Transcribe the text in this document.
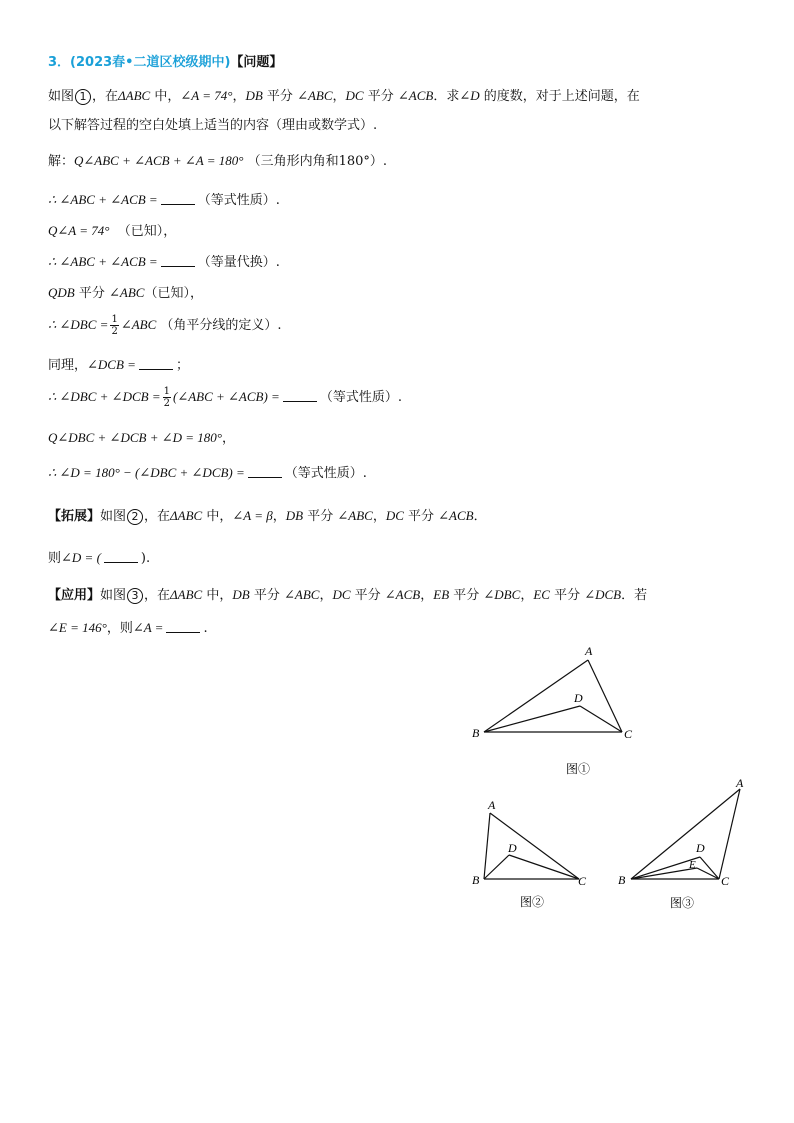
3．(2023春•二道区校级期中)【问题】
如图 1 ，在ΔABC 中，∠A = 74°，DB 平分 ∠ABC，DC 平分 ∠ACB．求∠D 的度数，对于上述问题，在
以下解答过程的空白处填上适当的内容（理由或数学式）.
解：Q∠ABC + ∠ACB + ∠A = 180° （三角形内角和180°）.
∴ ∠ABC + ∠ACB =	（等式性质）.
Q∠A = 74° （已知），
∴ ∠ABC + ∠ACB =	（等量代换）.
QDB 平分 ∠ABC（已知），
∴ ∠DBC = $\frac{1}{2}$ ∠ABC （角平分线的定义）.
同理，∠DCB =	；
∴ ∠DBC + ∠DCB = $\frac{1}{2}$ (∠ABC + ∠ACB) =	（等式性质）.
Q∠DBC + ∠DCB + ∠D = 180°，
∴ ∠D = 180° − (∠DBC + ∠DCB) =	（等式性质）.
【拓展】如图 2 ，在ΔABC 中，∠A = β，DB 平分 ∠ABC，DC 平分 ∠ACB．
则∠D = (	).
【应用】如图 3 ，在ΔABC 中，DB 平分 ∠ABC，DC 平分 ∠ACB，EB 平分 ∠DBC，EC 平分 ∠DCB．若
∠E = 146°，则∠A =	.
A
B	C
D
图①
A
B	C
D
图②
A
B	C
D
E
图③
